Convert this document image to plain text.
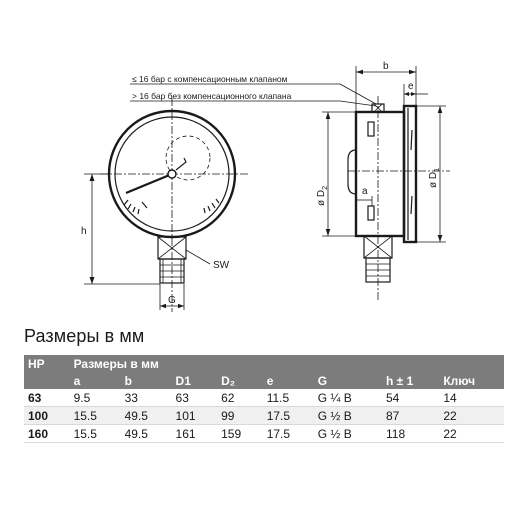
h
SW
G
a
b
e
ø $D_1$
ø $D_2$
≤ 16 бар с компенсационным клапаном
> 16 бар без компенсационного клапана
Размеры в мм
HP	Размеры в мм							
	a	b	D1	D₂	e	G	h ± 1	Ключ
63	9.5	33	63	62	11.5	G ¼ B	54	14
100	15.5	49.5	101	99	17.5	G ½ B	87	22
160	15.5	49.5	161	159	17.5	G ½ B	118	22
